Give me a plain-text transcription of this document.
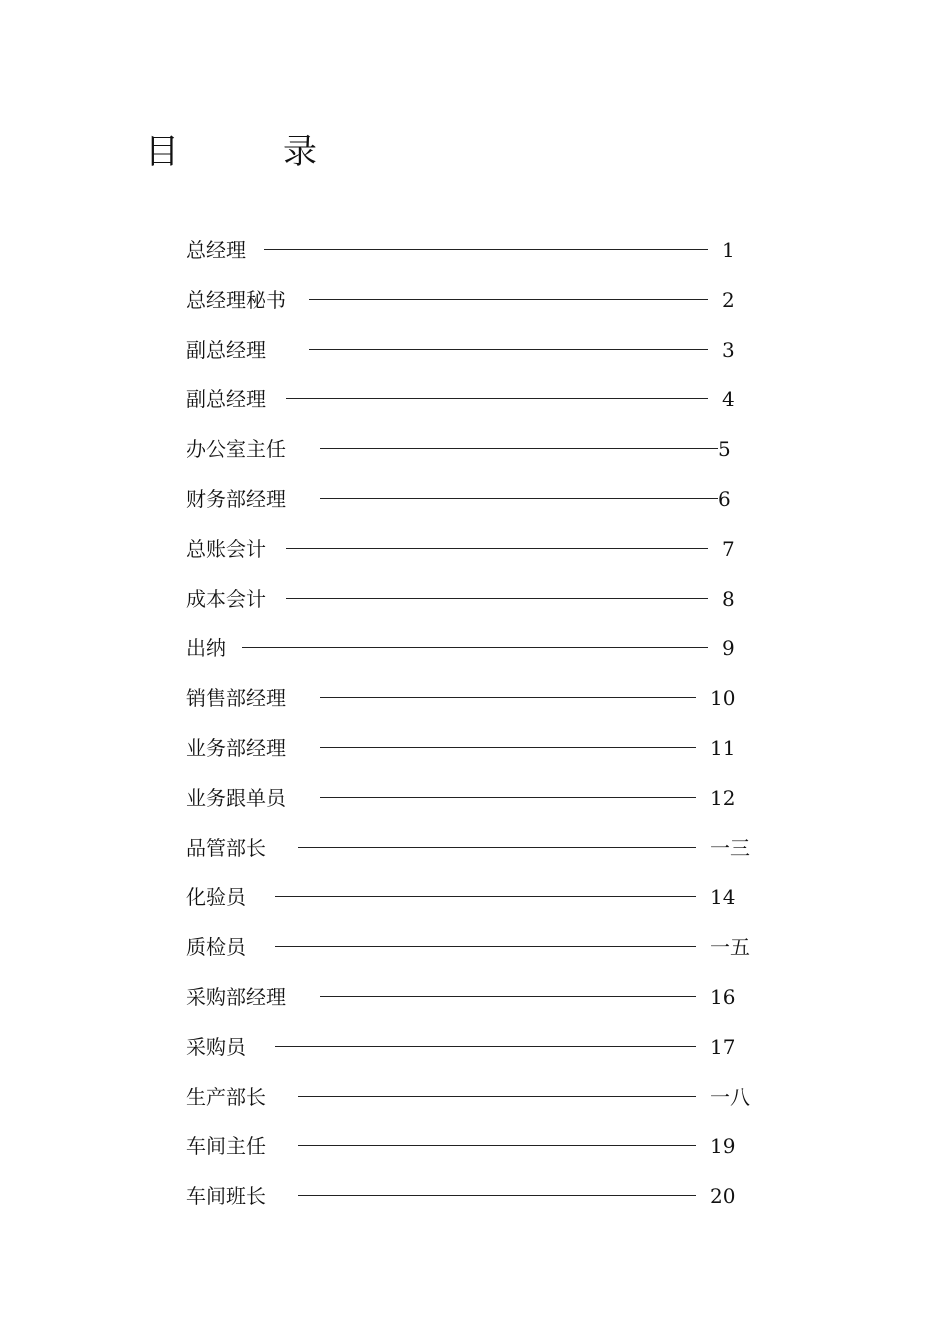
目	录
总经理	1
总经理秘书	2
副总经理	3
副总经理	4
办公室主任	5
财务部经理	6
总账会计	7
成本会计	8
出纳	9
销售部经理	10
业务部经理	11
业务跟单员	12
品管部长	一三
化验员	14
质检员	一五
采购部经理	16
采购员	17
生产部长	一八
车间主任	19
车间班长	20
